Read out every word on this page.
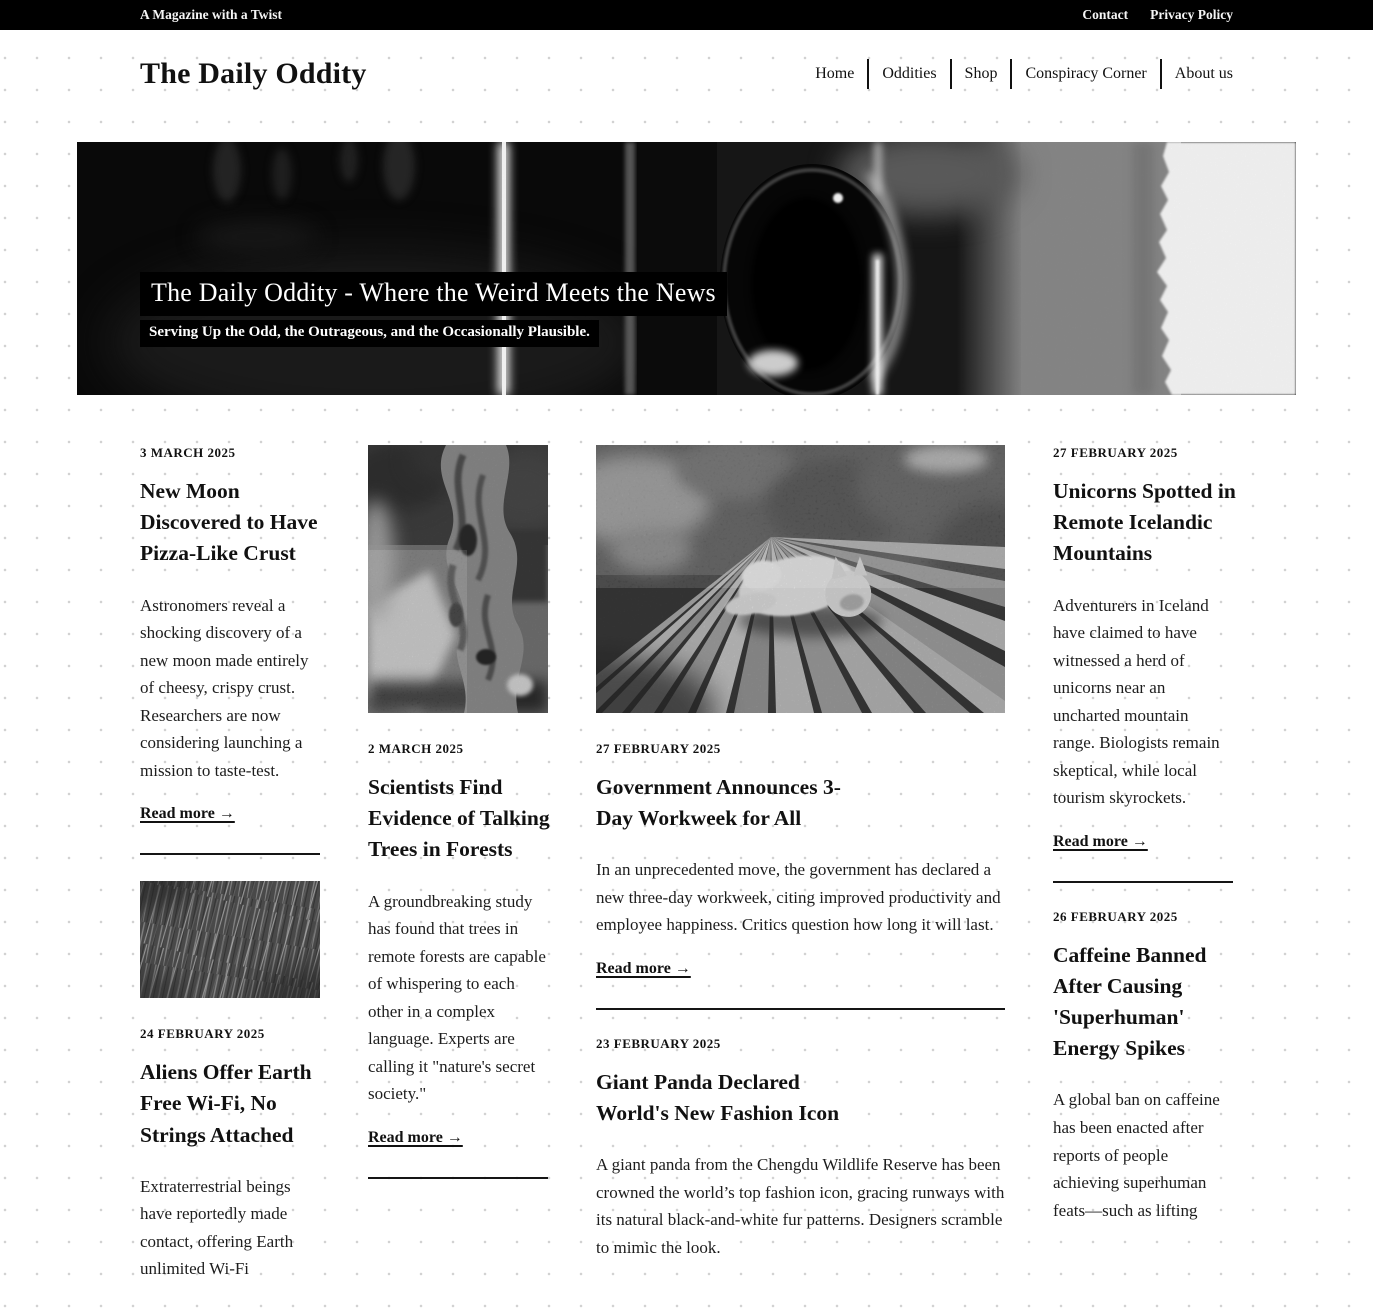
A Magazine with a Twist	Contact Privacy Policy
The Daily Oddity	Home	Oddities	Shop	Conspiracy Corner	About us
The Daily Oddity - Where the Weird Meets the News

Serving Up the Odd, the Outrageous, and the Occasionally Plausible.

3 MARCH 2025
New Moon Discovered to Have Pizza-Like Crust

Astronomers reveal a shocking discovery of a new moon made entirely of cheesy, crispy crust. Researchers are now considering launching a mission to taste-test.

Read more →
24 FEBRUARY 2025
Aliens Offer Earth Free Wi-Fi, No Strings Attached

Extraterrestrial beings have reportedly made contact, offering Earth unlimited Wi-Fi

2 MARCH 2025
Scientists Find Evidence of Talking Trees in Forests

A groundbreaking study has found that trees in remote forests are capable of whispering to each other in a complex language. Experts are calling it "nature's secret society."

Read more →
27 FEBRUARY 2025
Government Announces 3-Day Workweek for All

In an unprecedented move, the government has declared a new three-day workweek, citing improved productivity and employee happiness. Critics question how long it will last.

Read more →
23 FEBRUARY 2025
Giant Panda Declared World's New Fashion Icon

A giant panda from the Chengdu Wildlife Reserve has been crowned the world’s top fashion icon, gracing runways with its natural black-and-white fur patterns. Designers scramble to mimic the look.

27 FEBRUARY 2025
Unicorns Spotted in Remote Icelandic Mountains

Adventurers in Iceland have claimed to have witnessed a herd of unicorns near an uncharted mountain range. Biologists remain skeptical, while local tourism skyrockets.

Read more →
26 FEBRUARY 2025
Caffeine Banned After Causing 'Superhuman' Energy Spikes

A global ban on caffeine has been enacted after reports of people achieving superhuman feats—such as lifting
